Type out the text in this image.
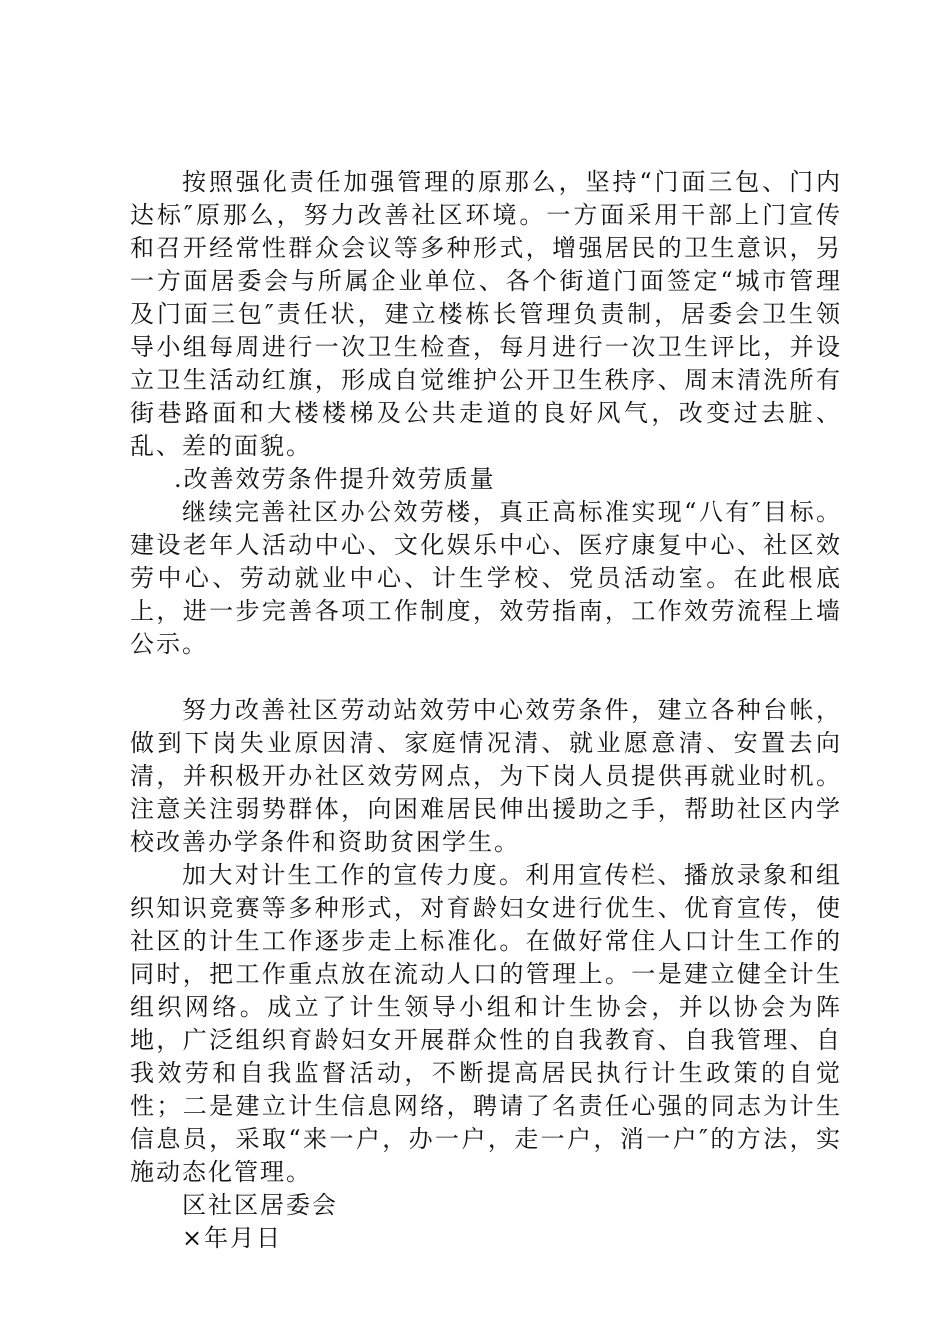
按照强化责任加强管理的原那么，坚持“门面三包、门内达标″原那么，努力改善社区环境。一方面采用干部上门宣传和召开经常性群众会议等多种形式，增强居民的卫生意识，另一方面居委会与所属企业单位、各个街道门面签定“城市管理及门面三包″责任状，建立楼栋长管理负责制，居委会卫生领导小组每周进行一次卫生检查，每月进行一次卫生评比，并设立卫生活动红旗，形成自觉维护公开卫生秩序、周末清洗所有街巷路面和大楼楼梯及公共走道的良好风气，改变过去脏、乱、差的面貌。

.改善效劳条件提升效劳质量

继续完善社区办公效劳楼，真正高标准实现“八有″目标。建设老年人活动中心、文化娱乐中心、医疗康复中心、社区效劳中心、劳动就业中心、计生学校、党员活动室。在此根底上，进一步完善各项工作制度，效劳指南，工作效劳流程上墙公示。

努力改善社区劳动站效劳中心效劳条件，建立各种台帐，做到下岗失业原因清、家庭情况清、就业愿意清、安置去向清，并积极开办社区效劳网点，为下岗人员提供再就业时机。注意关注弱势群体，向困难居民伸出援助之手，帮助社区内学校改善办学条件和资助贫困学生。

加大对计生工作的宣传力度。利用宣传栏、播放录象和组织知识竞赛等多种形式，对育龄妇女进行优生、优育宣传，使社区的计生工作逐步走上标准化。在做好常住人口计生工作的同时，把工作重点放在流动人口的管理上。一是建立健全计生组织网络。成立了计生领导小组和计生协会，并以协会为阵地，广泛组织育龄妇女开展群众性的自我教育、自我管理、自我效劳和自我监督活动，不断提高居民执行计生政策的自觉性；二是建立计生信息网络，聘请了名责任心强的同志为计生信息员，采取“来一户，办一户，走一户，消一户″的方法，实施动态化管理。

区社区居委会

×年月日
